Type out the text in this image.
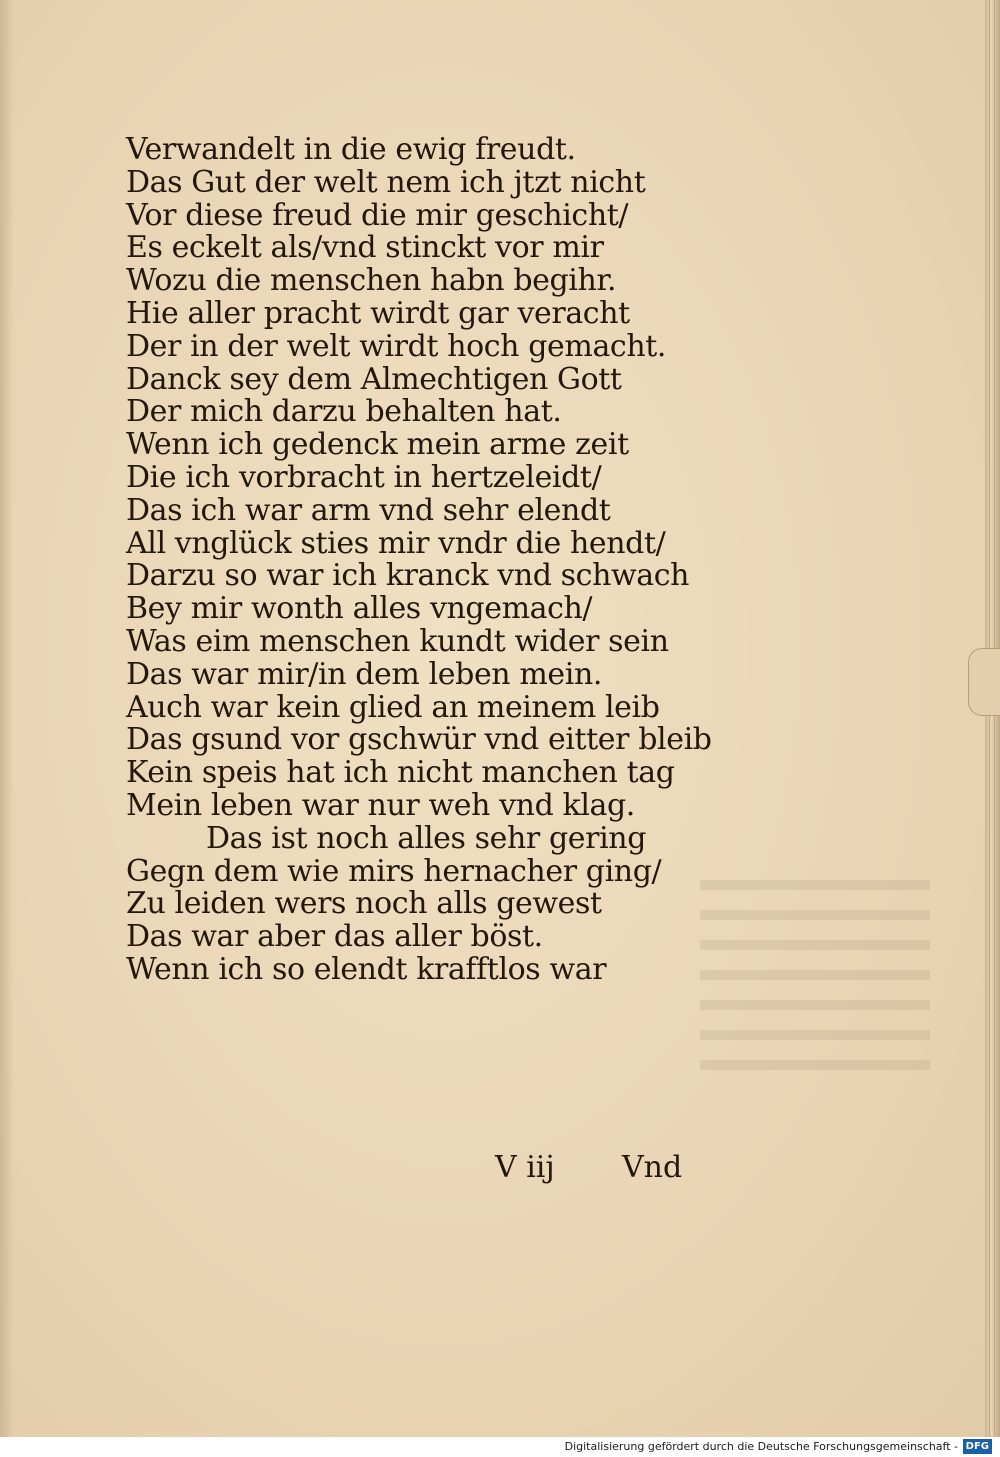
Verwandelt in die ewig freudt.
Das Gut der welt nem ich jtzt nicht
Vor diese freud die mir geschicht/
Es eckelt als/vnd stinckt vor mir
Wozu die menschen habn begihr.
Hie aller pracht wirdt gar veracht
Der in der welt wirdt hoch gemacht.
Danck sey dem Almechtigen Gott
Der mich darzu behalten hat.
Wenn ich gedenck mein arme zeit
Die ich vorbracht in hertzeleidt/
Das ich war arm vnd sehr elendt
All vnglück sties mir vndr die hendt/
Darzu so war ich kranck vnd schwach
Bey mir wonth alles vngemach/
Was eim menschen kundt wider sein
Das war mir/in dem leben mein.
Auch war kein glied an meinem leib
Das gsund vor gschwür vnd eitter bleib
Kein speis hat ich nicht manchen tag
Mein leben war nur weh vnd klag.
Das ist noch alles sehr gering
Gegn dem wie mirs hernacher ging/
Zu leiden wers noch alls gewest
Das war aber das aller böst.
Wenn ich so elendt krafftlos war
V iij Vnd
Digitalisierung gefördert durch die Deutsche Forschungsgemeinschaft - DFG
